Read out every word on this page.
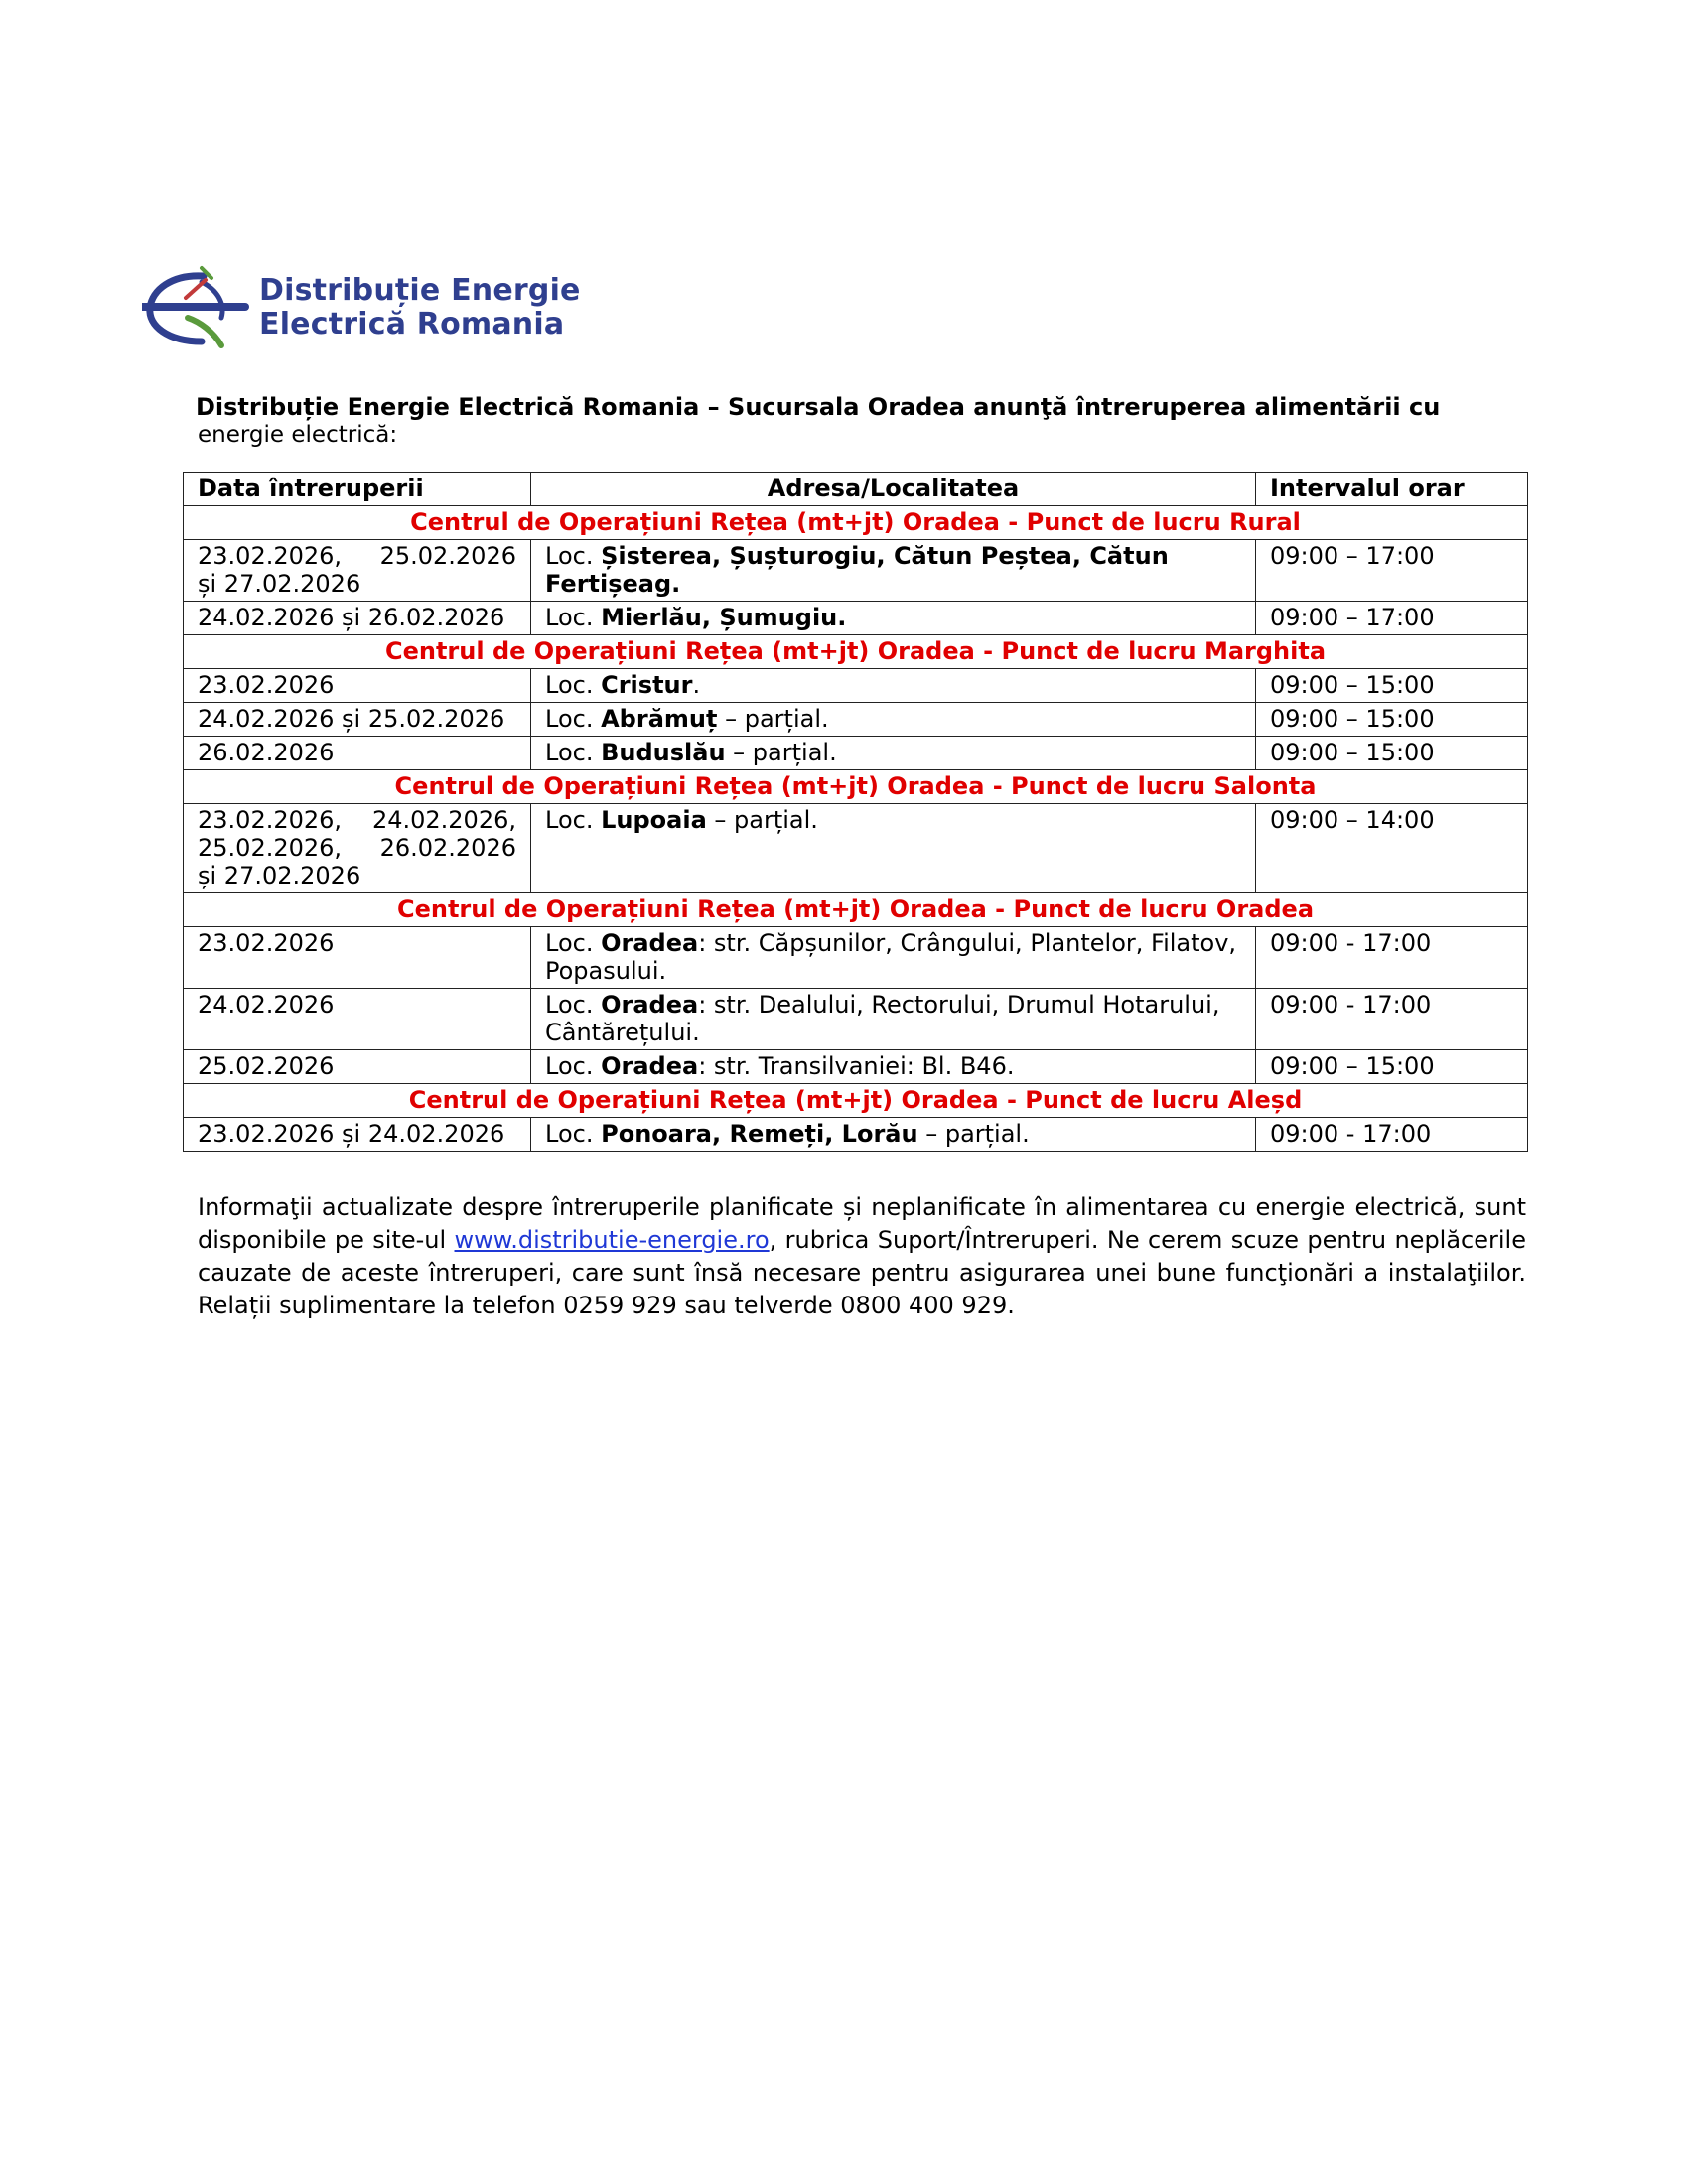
Distribuție Energie
Electrică Romania
Distribuție Energie Electrică Romania – Sucursala Oradea anunţă întreruperea alimentării cu
energie electrică:
Data întreruperii	Adresa/Localitatea	Intervalul orar
Centrul de Operațiuni Rețea (mt+jt) Oradea - Punct de lucru Rural		

23.02.2026, 25.02.2026
și 27.02.2026	Loc. Șisterea, Șușturogiu, Cătun Peștea, Cătun Fertișeag.	09:00 – 17:00
24.02.2026 și 26.02.2026	Loc. Mierlău, Șumugiu.	09:00 – 17:00
Centrul de Operațiuni Rețea (mt+jt) Oradea - Punct de lucru Marghita		
23.02.2026	Loc. Cristur.	09:00 – 15:00
24.02.2026 și 25.02.2026	Loc. Abrămuț – parțial.	09:00 – 15:00
26.02.2026	Loc. Buduslău – parțial.	09:00 – 15:00
Centrul de Operațiuni Rețea (mt+jt) Oradea - Punct de lucru Salonta		

23.02.2026, 24.02.2026,
25.02.2026, 26.02.2026
și 27.02.2026	Loc. Lupoaia – parțial.	09:00 – 14:00
Centrul de Operațiuni Rețea (mt+jt) Oradea - Punct de lucru Oradea		
23.02.2026	Loc. Oradea: str. Căpșunilor, Crângului, Plantelor, Filatov, Popasului.	09:00 - 17:00
24.02.2026	Loc. Oradea: str. Dealului, Rectorului, Drumul Hotarului, Cântărețului.	09:00 - 17:00
25.02.2026	Loc. Oradea: str. Transilvaniei: Bl. B46.	09:00 – 15:00
Centrul de Operațiuni Rețea (mt+jt) Oradea - Punct de lucru Aleșd		
23.02.2026 și 24.02.2026	Loc. Ponoara, Remeți, Lorău – parțial.	09:00 - 17:00
Informaţii actualizate despre întreruperile planificate și neplanificate în alimentarea cu energie electrică, sunt disponibile pe site-ul www.distributie-energie.ro, rubrica Suport/Întreruperi. Ne cerem scuze pentru neplăcerile cauzate de aceste întreruperi, care sunt însă necesare pentru asigurarea unei bune funcţionări a instalaţiilor. Relații suplimentare la telefon 0259 929 sau telverde 0800 400 929.
